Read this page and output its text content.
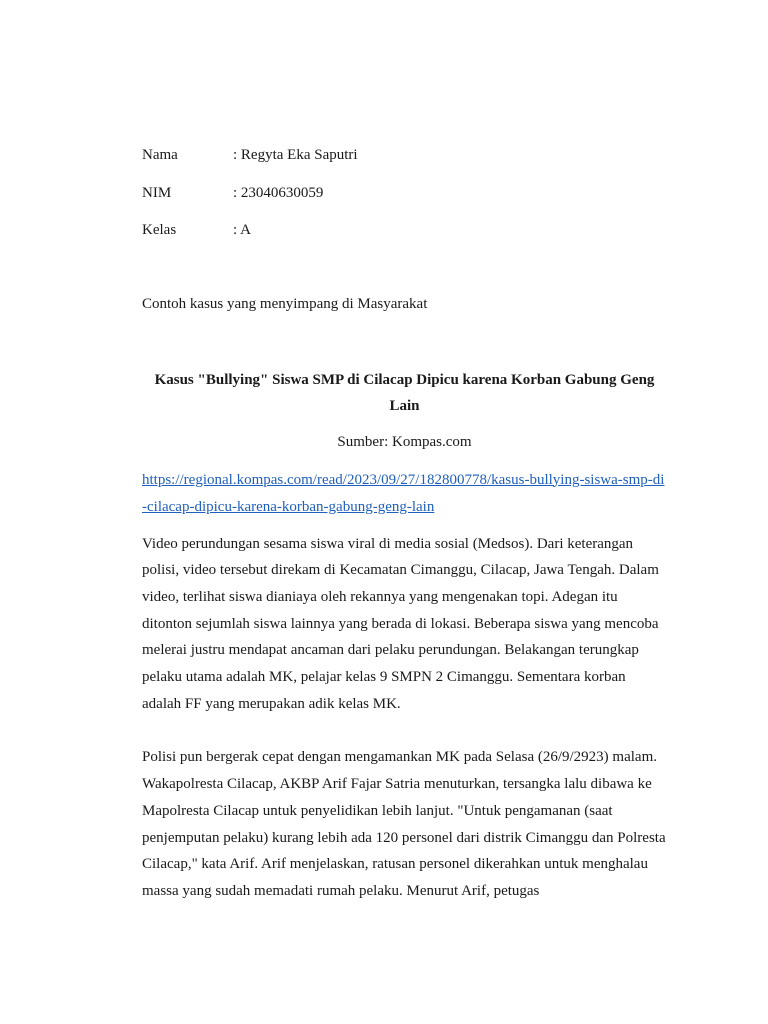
Nama	: Regyta Eka Saputri
NIM	: 23040630059
Kelas	: A
Contoh kasus yang menyimpang di Masyarakat
Kasus "Bullying" Siswa SMP di Cilacap Dipicu karena Korban Gabung Geng Lain
Sumber: Kompas.com
https://regional.kompas.com/read/2023/09/27/182800778/kasus-bullying-siswa-smp-di-cilacap-dipicu-karena-korban-gabung-geng-lain

Video perundungan sesama siswa viral di media sosial (Medsos). Dari keterangan polisi, video tersebut direkam di Kecamatan Cimanggu, Cilacap, Jawa Tengah. Dalam video, terlihat siswa dianiaya oleh rekannya yang mengenakan topi. Adegan itu ditonton sejumlah siswa lainnya yang berada di lokasi. Beberapa siswa yang mencoba melerai justru mendapat ancaman dari pelaku perundungan. Belakangan terungkap pelaku utama adalah MK, pelajar kelas 9 SMPN 2 Cimanggu. Sementara korban adalah FF yang merupakan adik kelas MK.

Polisi pun bergerak cepat dengan mengamankan MK pada Selasa (26/9/2923) malam. Wakapolresta Cilacap, AKBP Arif Fajar Satria menuturkan, tersangka lalu dibawa ke Mapolresta Cilacap untuk penyelidikan lebih lanjut. "Untuk pengamanan (saat penjemputan pelaku) kurang lebih ada 120 personel dari distrik Cimanggu dan Polresta Cilacap," kata Arif. Arif menjelaskan, ratusan personel dikerahkan untuk menghalau massa yang sudah memadati rumah pelaku. Menurut Arif, petugas
